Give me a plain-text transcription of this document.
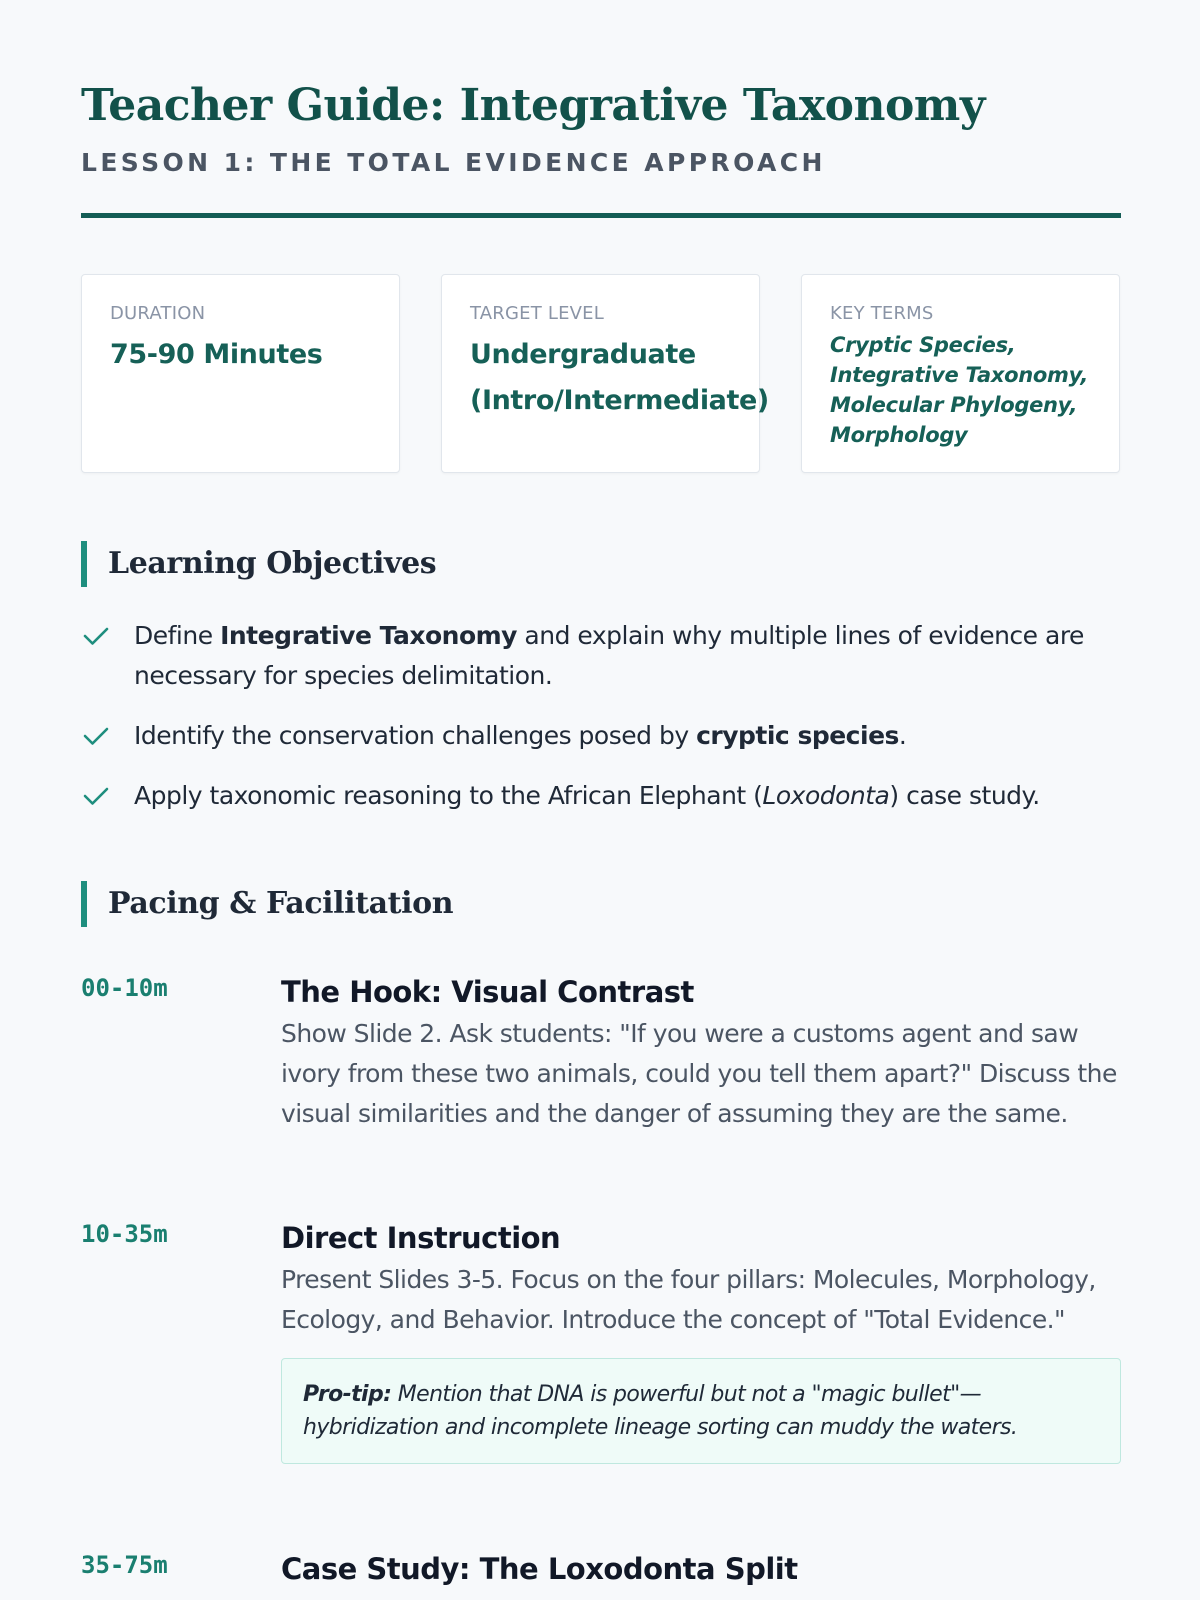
Teacher Guide: Integrative Taxonomy
LESSON 1: THE TOTAL EVIDENCE APPROACH
DURATION
75-90 Minutes
TARGET LEVEL
Undergraduate
(Intro/Intermediate)
KEY TERMS
Cryptic Species,
Integrative Taxonomy,
Molecular Phylogeny,
Morphology
Learning Objectives
Define Integrative Taxonomy and explain why multiple lines of evidence are necessary for species delimitation.
Identify the conservation challenges posed by cryptic species.
Apply taxonomic reasoning to the African Elephant (Loxodonta) case study.
Pacing & Facilitation
00-10m	The Hook: Visual Contrast
Show Slide 2. Ask students: "If you were a customs agent and saw ivory from these two animals, could you tell them apart?" Discuss the visual similarities and the danger of assuming they are the same.
10-35m	Direct Instruction
Present Slides 3-5. Focus on the four pillars: Molecules, Morphology, Ecology, and Behavior. Introduce the concept of "Total Evidence."
Pro-tip: Mention that DNA is powerful but not a "magic bullet"—hybridization and incomplete lineage sorting can muddy the waters.
35-75m	Case Study: The Loxodonta Split
